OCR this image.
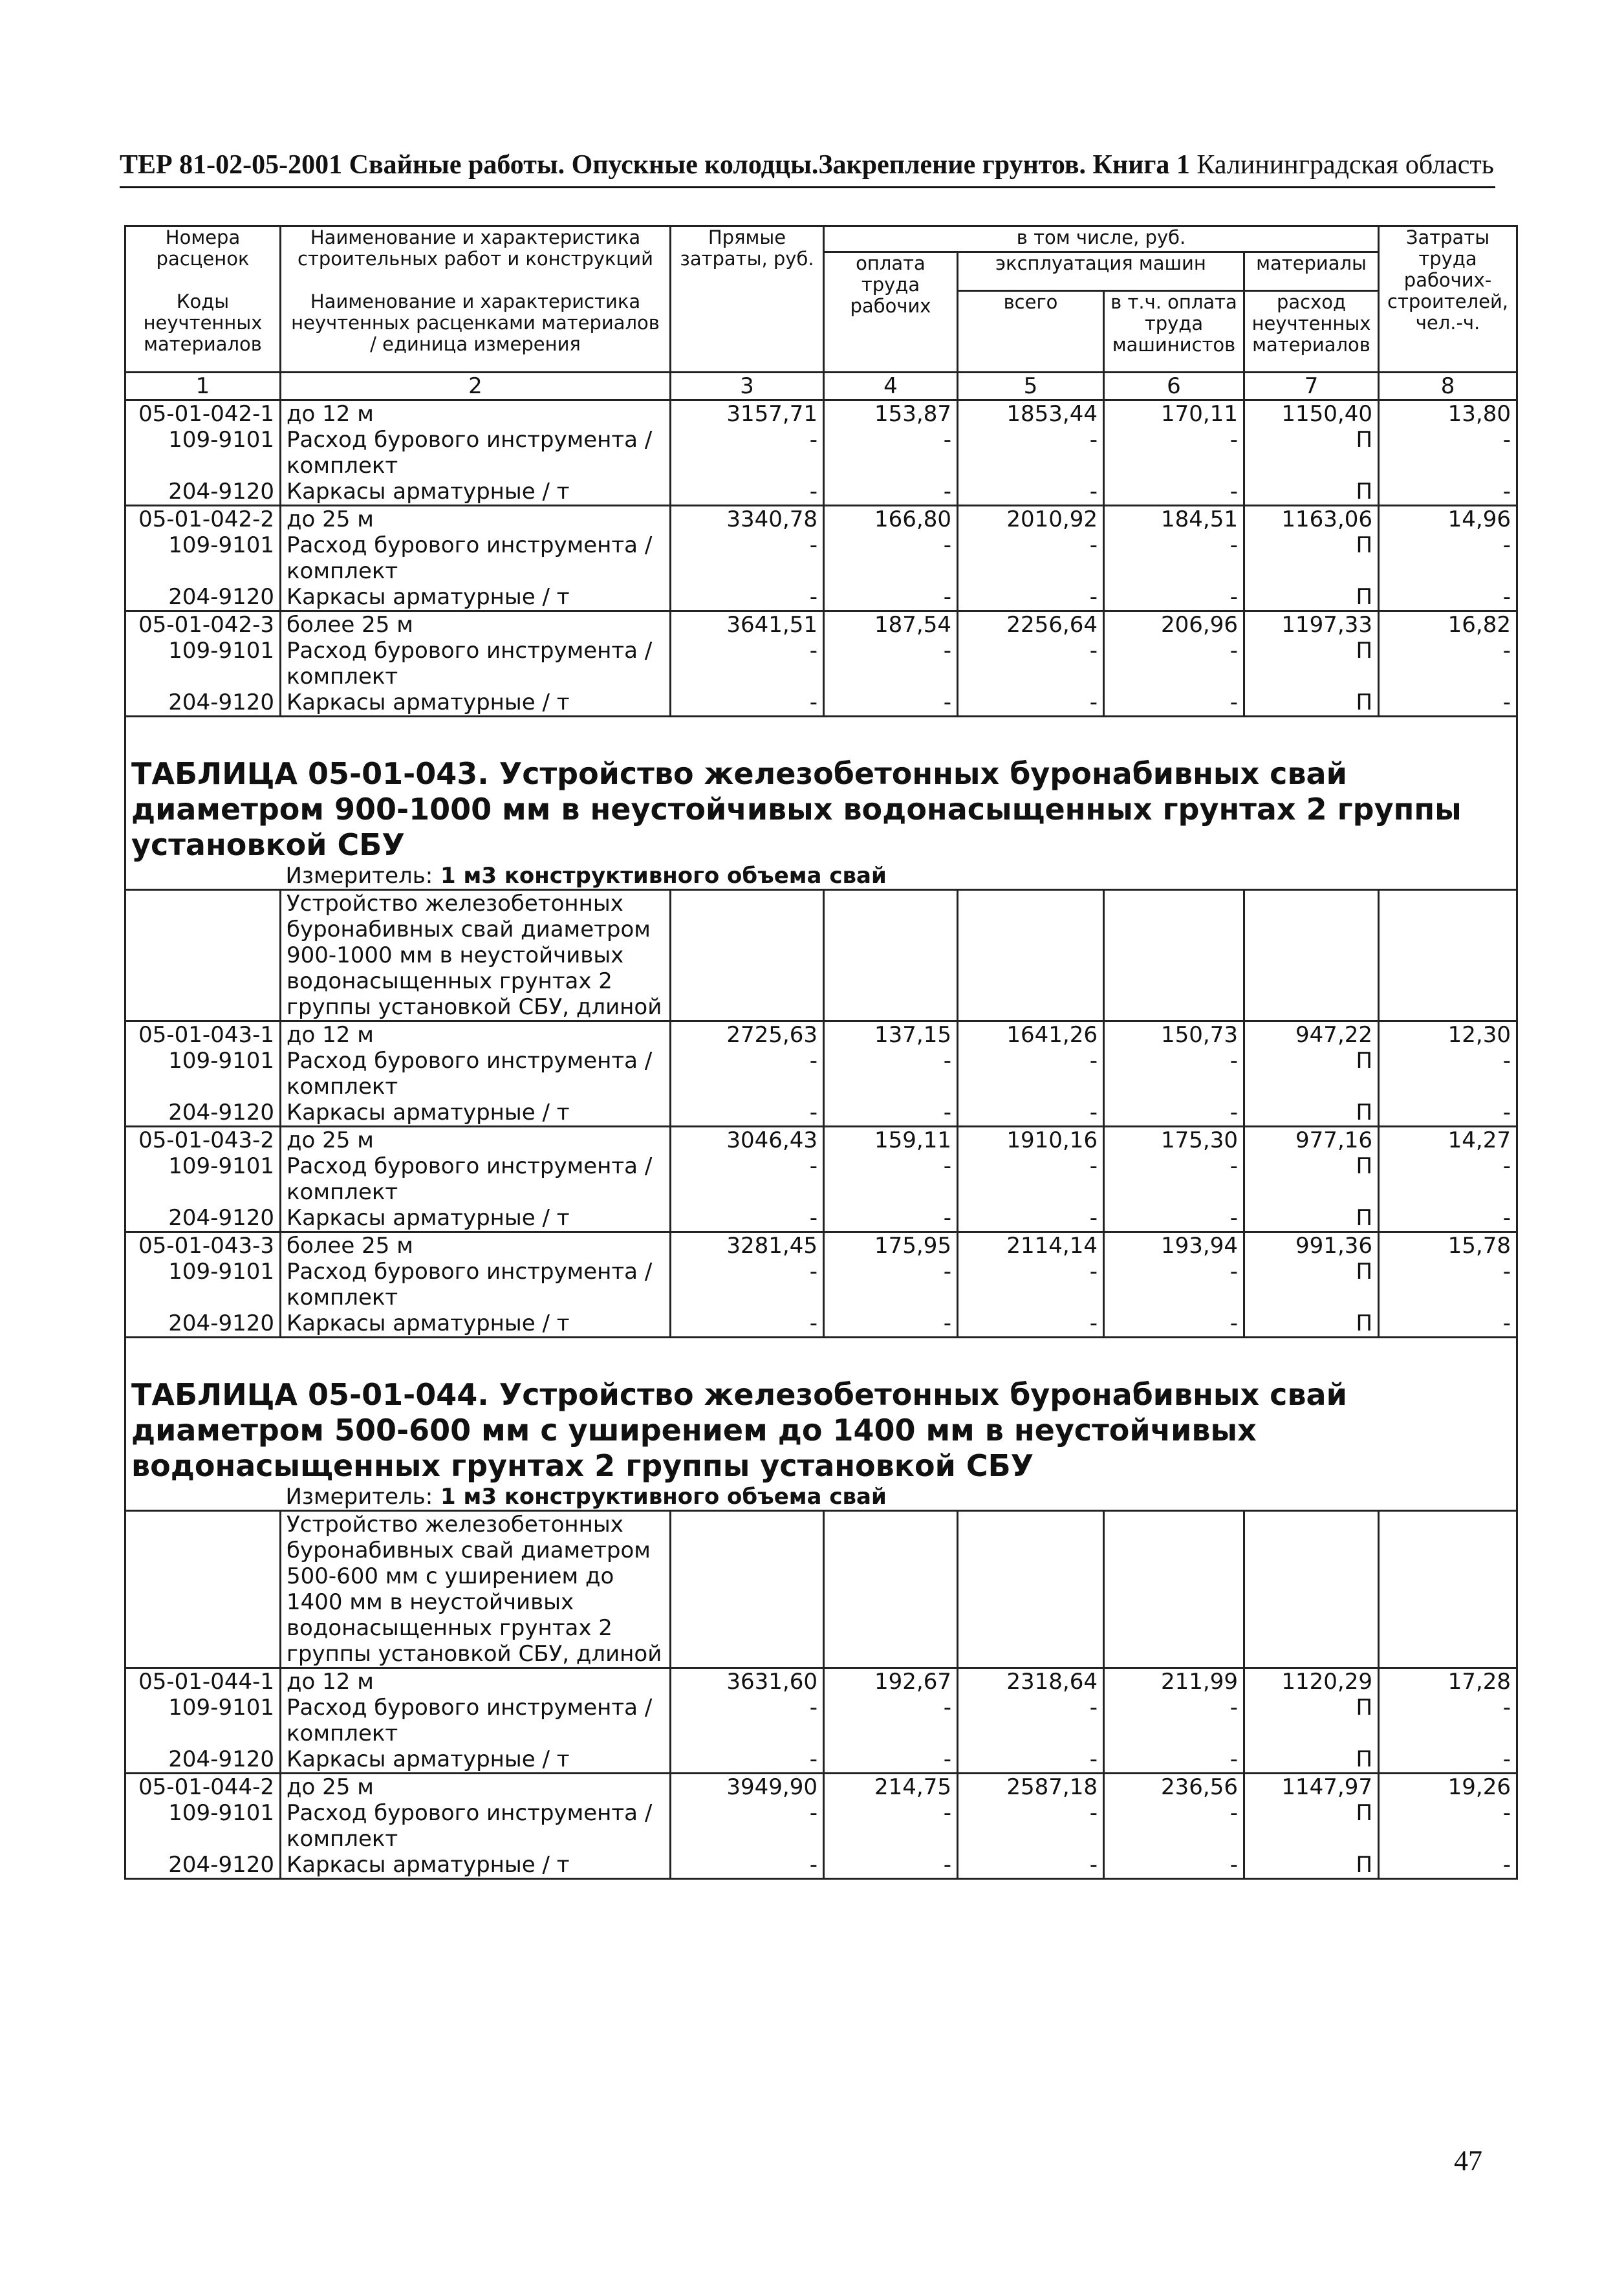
ТЕР 81-02-05-2001 Свайные работы. Опускные колодцы.Закрепление грунтов. Книга 1 Калининградская область
Номера расценок	Наименование и характеристика строительных работ и конструкций	Прямые затраты, руб.	в том числе, руб.				Затраты труда рабочих-строителей, чел.-ч.
			оплата труда рабочих	эксплуатация машин		материалы	
Коды неучтенных материалов	Наименование и характеристика неучтенных расценками материалов / единица измерения			всего	в т.ч. оплата труда машинистов	расход неучтенных материалов	

1	2	3	4	5	6	7	8
05-01-042-1	до 12 м	3157,71	153,87	1853,44	170,11	1150,40	13,80
109-9101	Расход бурового инструмента / комплект	-	-	-	-	П	-
204-9120	Каркасы арматурные / т	-	-	-	-	П	-
05-01-042-2	до 25 м	3340,78	166,80	2010,92	184,51	1163,06	14,96
109-9101	Расход бурового инструмента / комплект	-	-	-	-	П	-
204-9120	Каркасы арматурные / т	-	-	-	-	П	-
05-01-042-3	более 25 м	3641,51	187,54	2256,64	206,96	1197,33	16,82
109-9101	Расход бурового инструмента / комплект	-	-	-	-	П	-
204-9120	Каркасы арматурные / т	-	-	-	-	П	-

ТАБЛИЦА 05-01-043. Устройство железобетонных буронабивных свай диаметром 900-1000 мм в неустойчивых водонасыщенных грунтах 2 группы установкой СБУ							
	Измеритель: 1 м3 конструктивного объема свай						
	Устройство железобетонных буронабивных свай диаметром 900-1000 мм в неустойчивых водонасыщенных грунтах 2 группы установкой СБУ, длиной						
05-01-043-1	до 12 м	2725,63	137,15	1641,26	150,73	947,22	12,30
109-9101	Расход бурового инструмента / комплект	-	-	-	-	П	-
204-9120	Каркасы арматурные / т	-	-	-	-	П	-
05-01-043-2	до 25 м	3046,43	159,11	1910,16	175,30	977,16	14,27
109-9101	Расход бурового инструмента / комплект	-	-	-	-	П	-
204-9120	Каркасы арматурные / т	-	-	-	-	П	-
05-01-043-3	более 25 м	3281,45	175,95	2114,14	193,94	991,36	15,78
109-9101	Расход бурового инструмента / комплект	-	-	-	-	П	-
204-9120	Каркасы арматурные / т	-	-	-	-	П	-

ТАБЛИЦА 05-01-044. Устройство железобетонных буронабивных свай диаметром 500-600 мм с уширением до 1400 мм в неустойчивых водонасыщенных грунтах 2 группы установкой СБУ							
	Измеритель: 1 м3 конструктивного объема свай						
	Устройство железобетонных буронабивных свай диаметром 500-600 мм с уширением до 1400 мм в неустойчивых водонасыщенных грунтах 2 группы установкой СБУ, длиной						
05-01-044-1	до 12 м	3631,60	192,67	2318,64	211,99	1120,29	17,28
109-9101	Расход бурового инструмента / комплект	-	-	-	-	П	-
204-9120	Каркасы арматурные / т	-	-	-	-	П	-
05-01-044-2	до 25 м	3949,90	214,75	2587,18	236,56	1147,97	19,26
109-9101	Расход бурового инструмента / комплект	-	-	-	-	П	-
204-9120	Каркасы арматурные / т	-	-	-	-	П	-
47
